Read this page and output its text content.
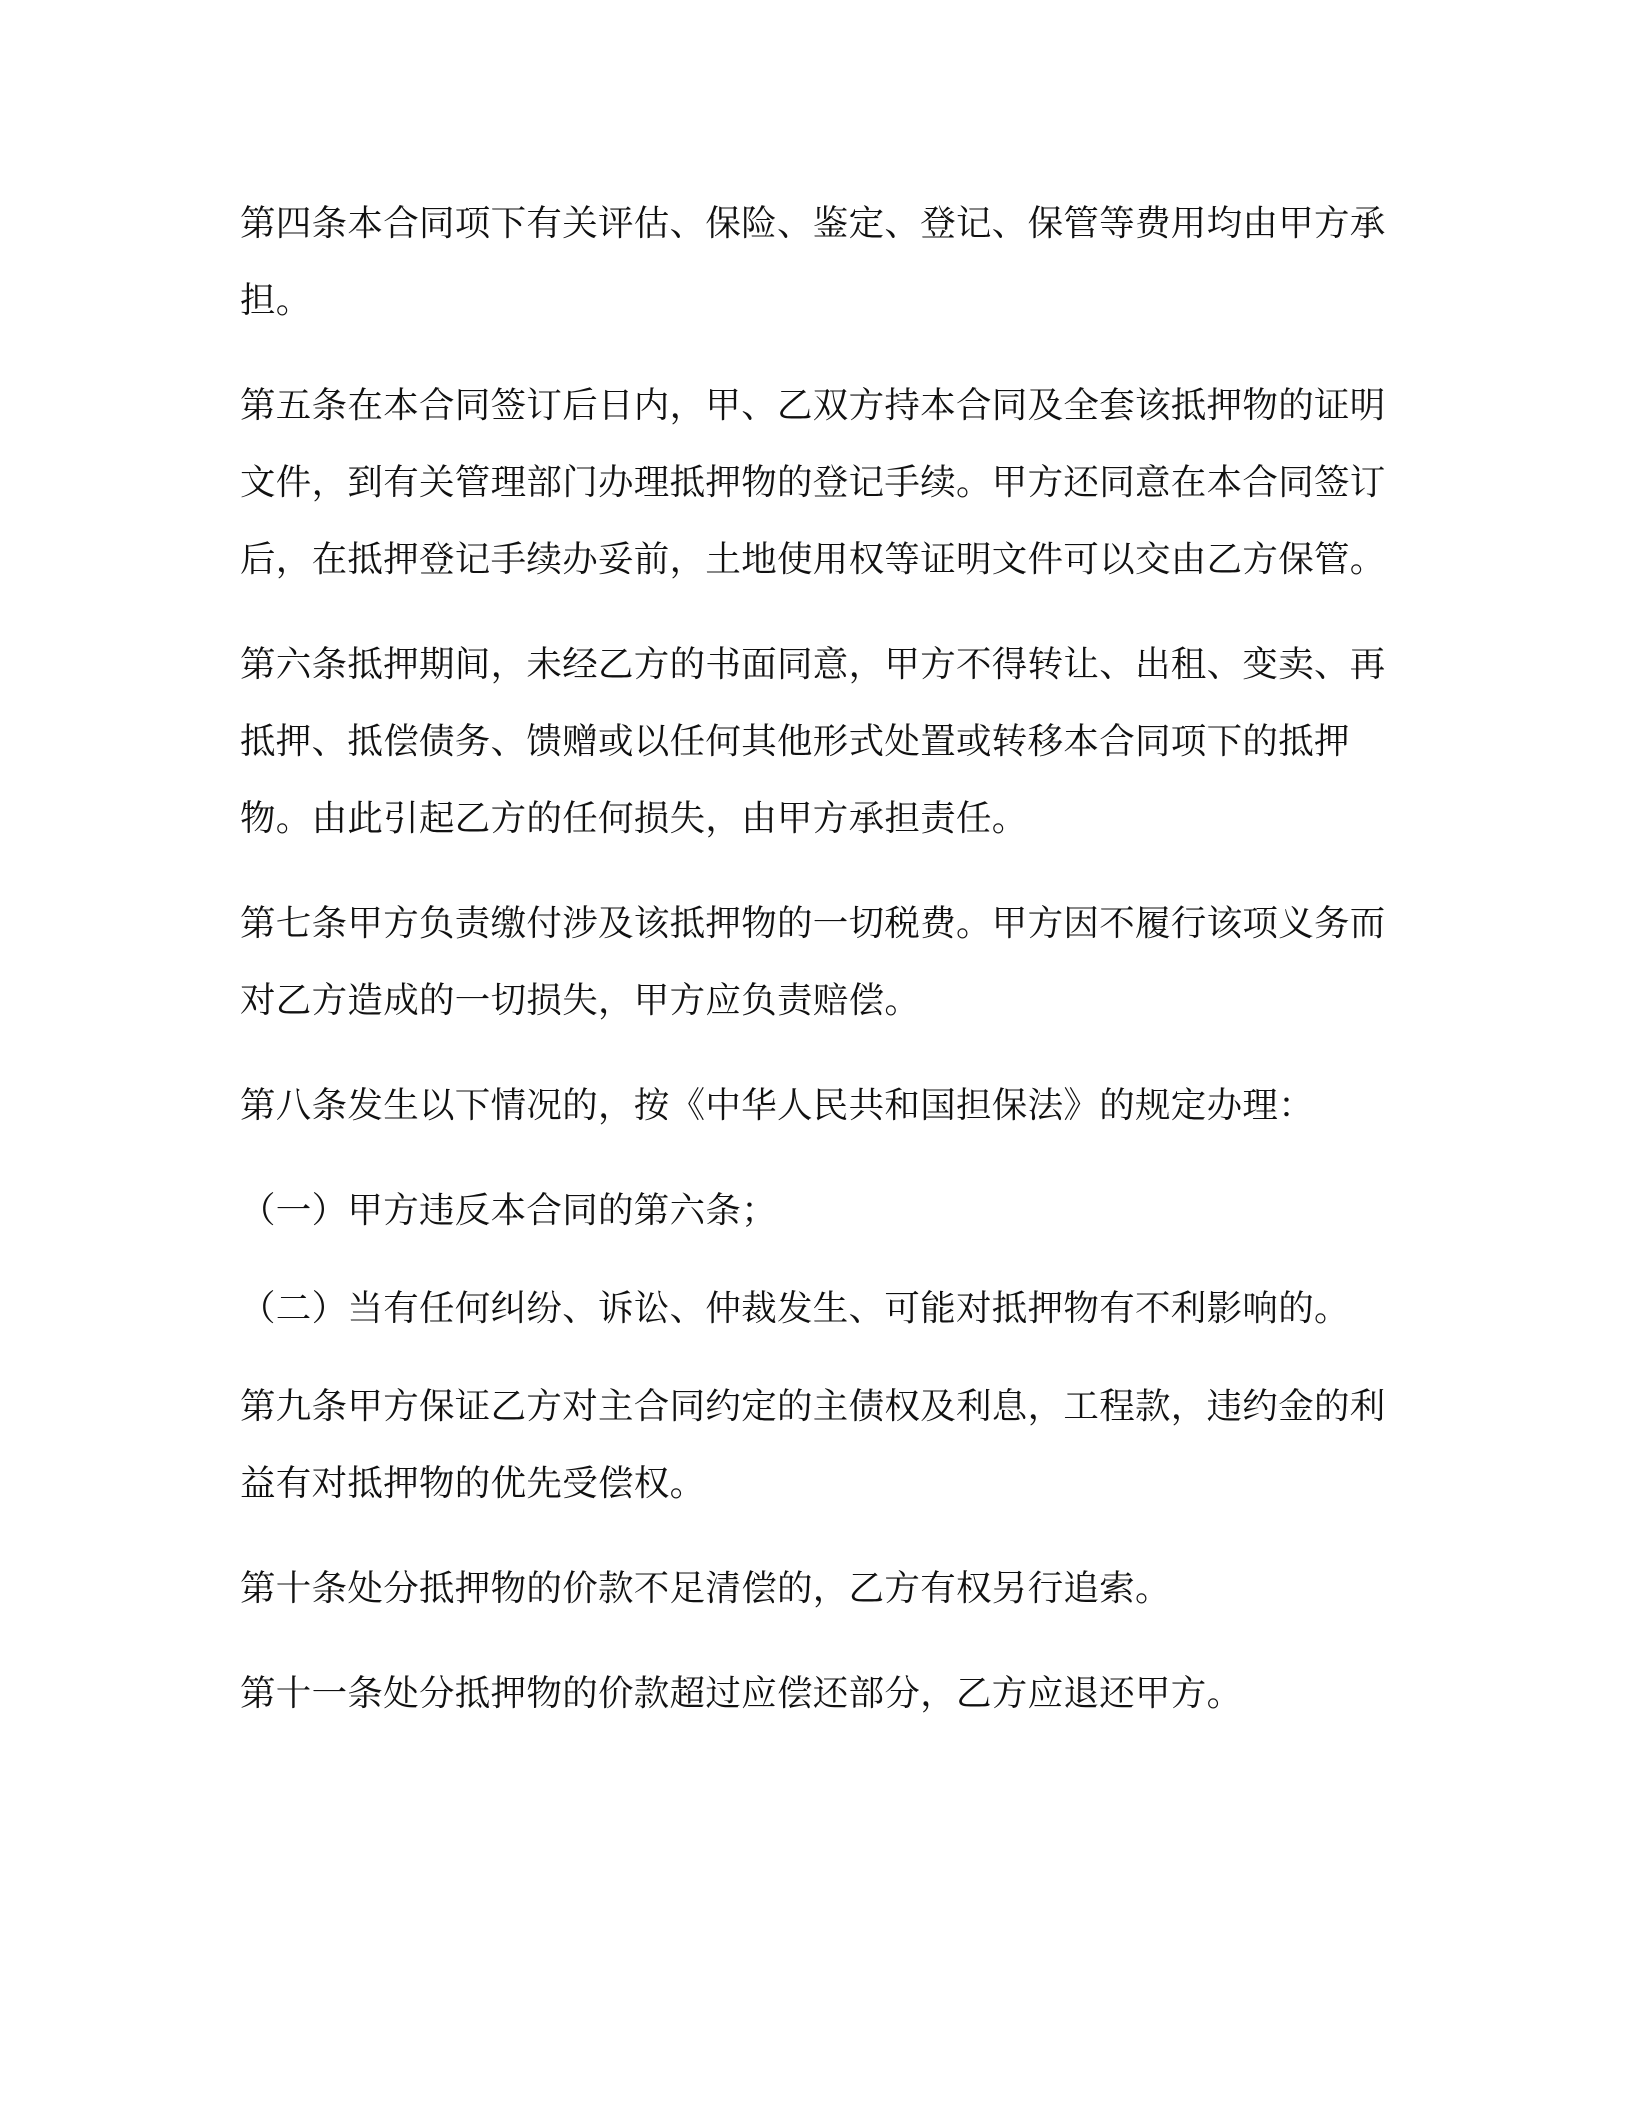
第四条本合同项下有关评估、保险、鉴定、登记、保管等费用均由甲方承担。

第五条在本合同签订后日内，甲、乙双方持本合同及全套该抵押物的证明文件，到有关管理部门办理抵押物的登记手续。甲方还同意在本合同签订后，在抵押登记手续办妥前，土地使用权等证明文件可以交由乙方保管。

第六条抵押期间，未经乙方的书面同意，甲方不得转让、出租、变卖、再抵押、抵偿债务、馈赠或以任何其他形式处置或转移本合同项下的抵押物。由此引起乙方的任何损失，由甲方承担责任。

第七条甲方负责缴付涉及该抵押物的一切税费。甲方因不履行该项义务而对乙方造成的一切损失，甲方应负责赔偿。

第八条发生以下情况的，按《中华人民共和国担保法》的规定办理：

（一）甲方违反本合同的第六条；

（二）当有任何纠纷、诉讼、仲裁发生、可能对抵押物有不利影响的。

第九条甲方保证乙方对主合同约定的主债权及利息，工程款，违约金的利益有对抵押物的优先受偿权。

第十条处分抵押物的价款不足清偿的，乙方有权另行追索。

第十一条处分抵押物的价款超过应偿还部分，乙方应退还甲方。
